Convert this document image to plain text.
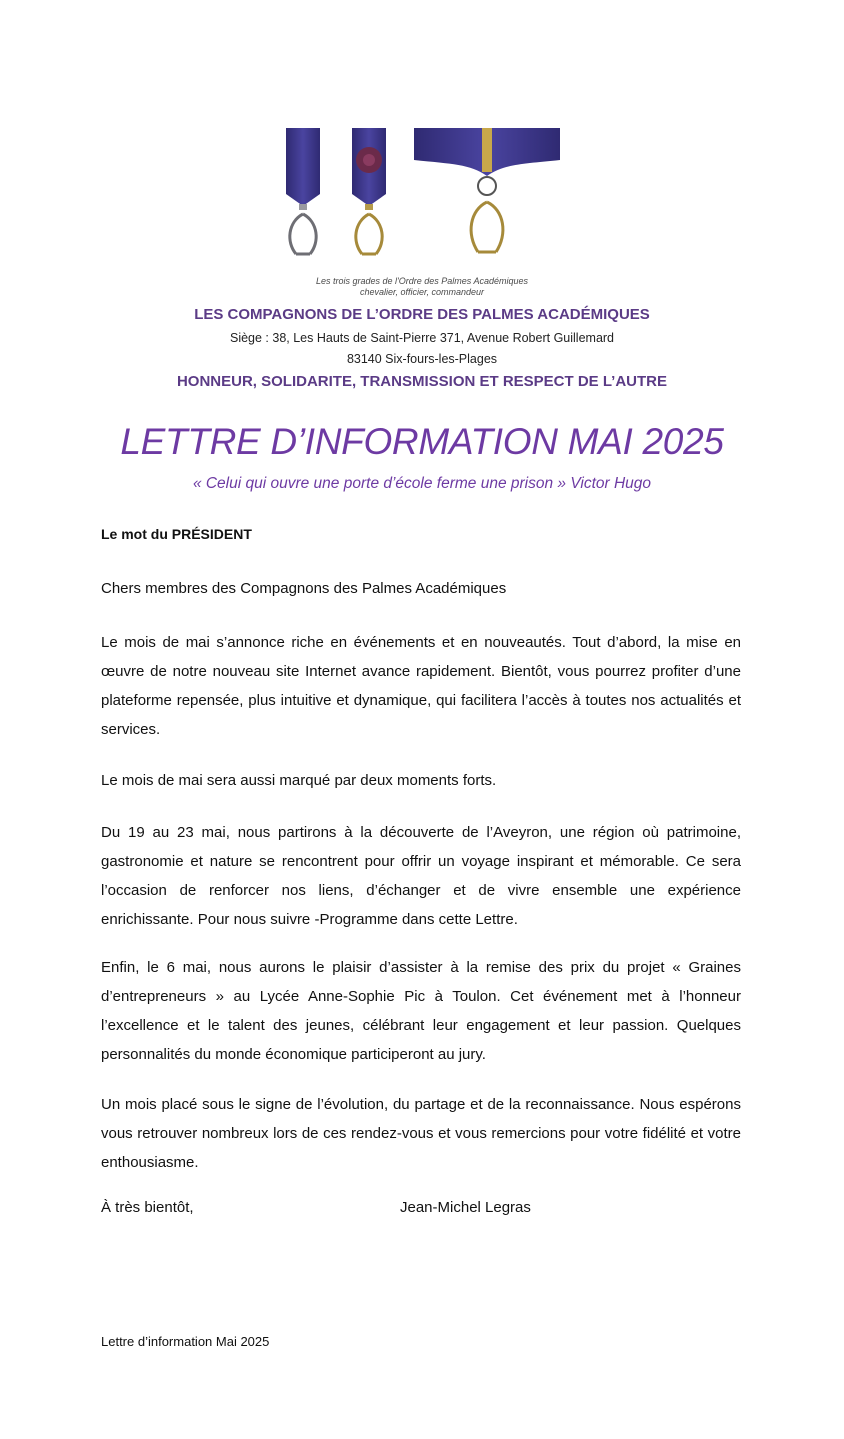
Les trois grades de l'Ordre des Palmes Académiques
chevalier, officier, commandeur
LES COMPAGNONS DE L’ORDRE DES PALMES ACADÉMIQUES
Siège : 38, Les Hauts de Saint-Pierre 371, Avenue Robert Guillemard
83140 Six-fours-les-Plages
HONNEUR, SOLIDARITE, TRANSMISSION ET RESPECT DE L’AUTRE
LETTRE D’INFORMATION MAI 2025
« Celui qui ouvre une porte d’école ferme une prison » Victor Hugo
Le mot du PRÉSIDENT
Chers membres des Compagnons des Palmes Académiques
Le mois de mai s’annonce riche en événements et en nouveautés. Tout d’abord, la mise en œuvre de notre nouveau site Internet avance rapidement. Bientôt, vous pourrez profiter d’une plateforme repensée, plus intuitive et dynamique, qui facilitera l’accès à toutes nos actualités et services.
Le mois de mai sera aussi marqué par deux moments forts.
Du 19 au 23 mai, nous partirons à la découverte de l’Aveyron, une région où patrimoine, gastronomie et nature se rencontrent pour offrir un voyage inspirant et mémorable. Ce sera l’occasion de renforcer nos liens, d’échanger et de vivre ensemble une expérience enrichissante. Pour nous suivre -Programme dans cette Lettre.
Enfin, le 6 mai, nous aurons le plaisir d’assister à la remise des prix du projet « Graines d’entrepreneurs » au Lycée Anne-Sophie Pic à Toulon. Cet événement met à l’honneur l’excellence et le talent des jeunes, célébrant leur engagement et leur passion. Quelques personnalités du monde économique participeront au jury.
Un mois placé sous le signe de l’évolution, du partage et de la reconnaissance. Nous espérons vous retrouver nombreux lors de ces rendez-vous et vous remercions pour votre fidélité et votre enthousiasme.
À très bientôt,	Jean-Michel Legras
Lettre d’information Mai 2025
